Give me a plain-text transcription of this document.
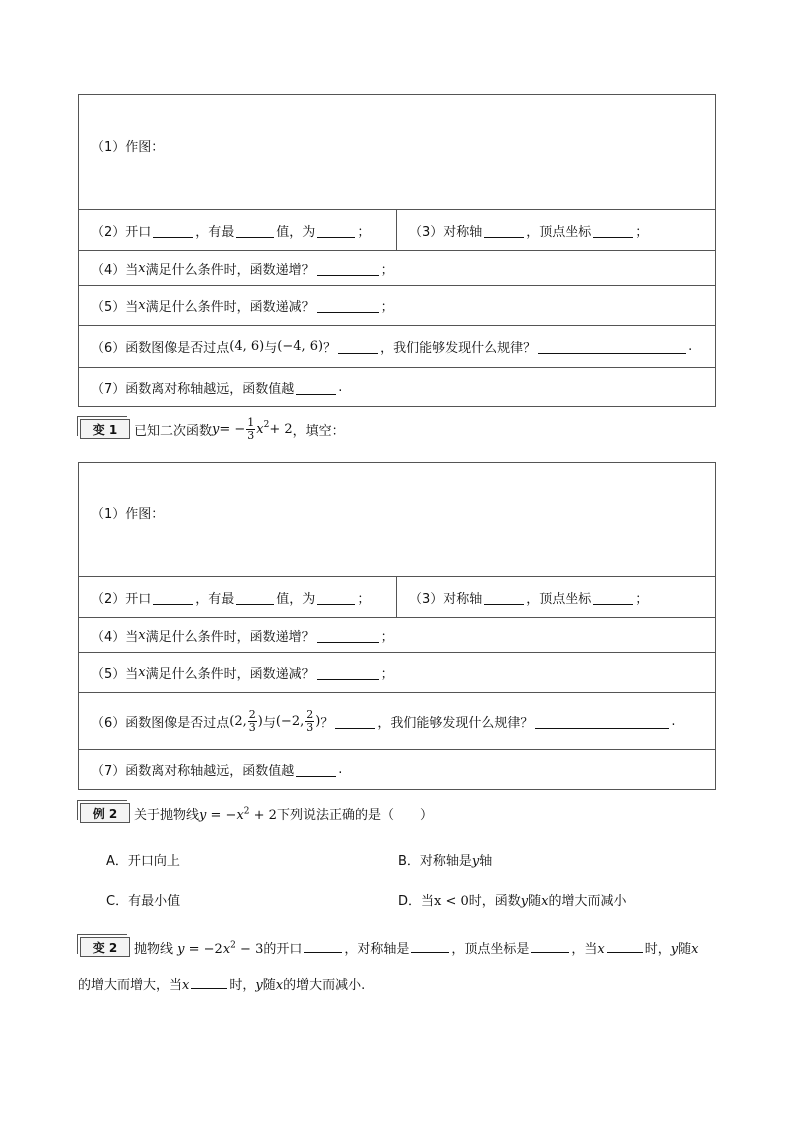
（1）作图：
（2）开口	，有最	值，为	；	（3）对称轴	，顶点坐标	；
（4）当 x 满足什么条件时，函数递增？	；
（5）当 x 满足什么条件时，函数递减？	；
（6）函数图像是否过点 (4, 6) 与 (−4, 6) ？	，我们能够发现什么规律？	.
（7）函数离对称轴越远，函数值越	.
变 1	已知二次函数 y = − $\frac{1}{3} x^2 + 2$ ，填空：
（1）作图：
（2）开口	，有最	值，为	；	（3）对称轴	，顶点坐标	；
（4）当 x 满足什么条件时，函数递增？	；
（5）当 x 满足什么条件时，函数递减？	；
（6）函数图像是否过点 (2, $\frac{2}{3}$ ) 与 (−2, $\frac{2}{3}$ ) ？	，我们能够发现什么规律？	.
（7）函数离对称轴越远，函数值越	.
例 2	关于抛物线$y = -x^2 + 2$下列说法正确的是（　　）
A．开口向上	B．对称轴是y轴
C．有最小值	D．当x < 0时，函数y随x的增大而减小
变 2	抛物线 $y = -2x^2 - 3$的开口	，对称轴是	，顶点坐标是	，当x	时，y随x
的增大而增大，当x	时，y随x的增大而减小.
